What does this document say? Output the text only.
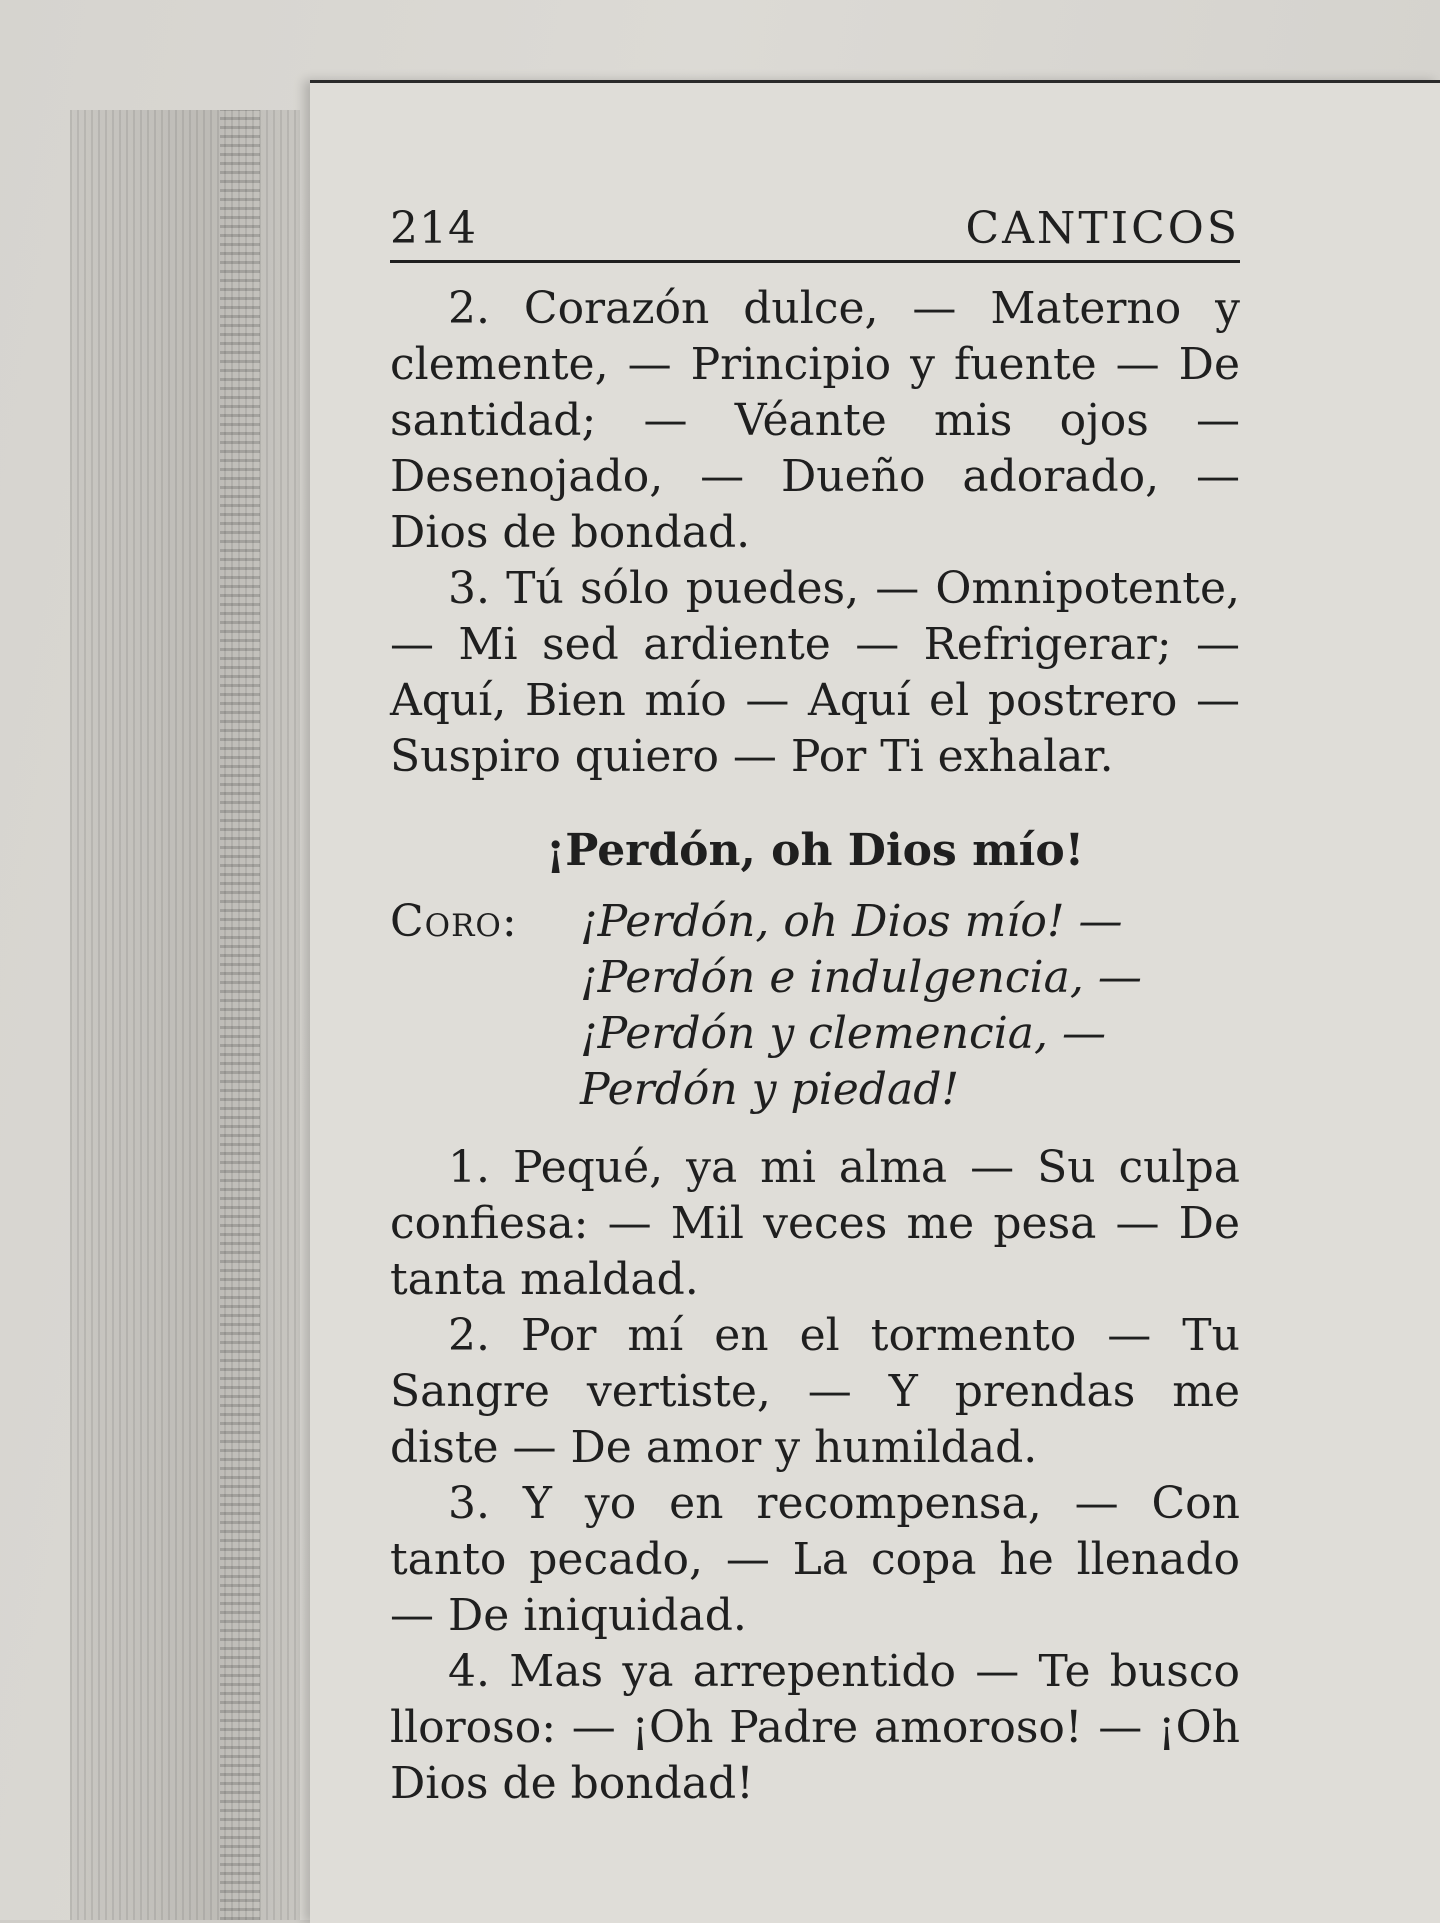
214	CANTICOS

2. Corazón dulce, — Materno y clemente, — Principio y fuente — De santidad; — Véante mis ojos — Desenojado, — Dueño adorado, — Dios de bondad.

3. Tú sólo puedes, — Omnipotente, — Mi sed ardiente — Refrigerar; — Aquí, Bien mío — Aquí el postrero — Suspiro quiero — Por Ti exhalar.

¡Perdón, oh Dios mío!
Coro:	¡Perdón, oh Dios mío! —
¡Perdón e indulgencia, —
¡Perdón y clemencia, —
Perdón y piedad!

1. Pequé, ya mi alma — Su culpa confiesa: — Mil veces me pesa — De tanta maldad.

2. Por mí en el tormento — Tu Sangre vertiste, — Y prendas me diste — De amor y humildad.

3. Y yo en recompensa, — Con tanto pecado, — La copa he llenado — De iniquidad.

4. Mas ya arrepentido — Te busco lloroso: — ¡Oh Padre amoroso! — ¡Oh Dios de bondad!
